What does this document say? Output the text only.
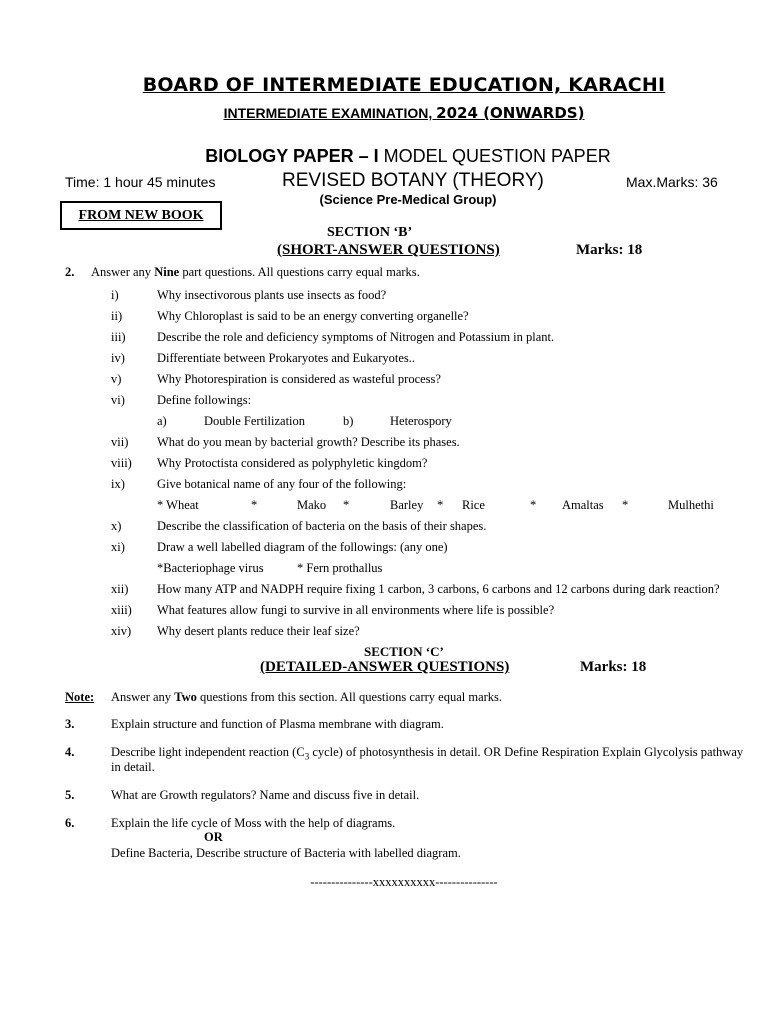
BOARD OF INTERMEDIATE EDUCATION, KARACHI
INTERMEDIATE EXAMINATION, 2024 (ONWARDS)
BIOLOGY PAPER – I MODEL QUESTION PAPER
Time: 1 hour 45 minutes	REVISED BOTANY (THEORY)	Max.Marks: 36
(Science Pre-Medical Group)
FROM NEW BOOK
SECTION ‘B’
(SHORT-ANSWER QUESTIONS)	Marks: 18
2. Answer any Nine part questions. All questions carry equal marks.
i)	Why insectivorous plants use insects as food?
ii)	Why Chloroplast is said to be an energy converting organelle?
iii)	Describe the role and deficiency symptoms of Nitrogen and Potassium in plant.
iv)	Differentiate between Prokaryotes and Eukaryotes..
v)	Why Photorespiration is considered as wasteful process?
vi)	Define followings:
a)	Double Fertilization	b)	Heterospory
vii) What do you mean by bacterial growth? Describe its phases.
viii) Why Protoctista considered as polyphyletic kingdom?
ix)	Give botanical name of any four of the following:
* Wheat	*	Mako *	Barley * Rice	* Amaltas *	Mulhethi
x)	Describe the classification of bacteria on the basis of their shapes.
xi)	Draw a well labelled diagram of the followings: (any one)
*Bacteriophage virus	* Fern prothallus
xii) How many ATP and NADPH require fixing 1 carbon, 3 carbons, 6 carbons and 12 carbons during dark reaction?
xiii) What features allow fungi to survive in all environments where life is possible?
xiv) Why desert plants reduce their leaf size?
SECTION ‘C’
(DETAILED-ANSWER QUESTIONS)	Marks: 18
Note: Answer any Two questions from this section. All questions carry equal marks.
3.	Explain structure and function of Plasma membrane with diagram.
4.	Describe light independent reaction ($C_3$ cycle) of photosynthesis in detail. OR Define Respiration Explain Glycolysis pathway
in detail.
5.	What are Growth regulators? Name and discuss five in detail.
6.	Explain the life cycle of Moss with the help of diagrams.
OR
Define Bacteria, Describe structure of Bacteria with labelled diagram.
---------------xxxxxxxxxx---------------
